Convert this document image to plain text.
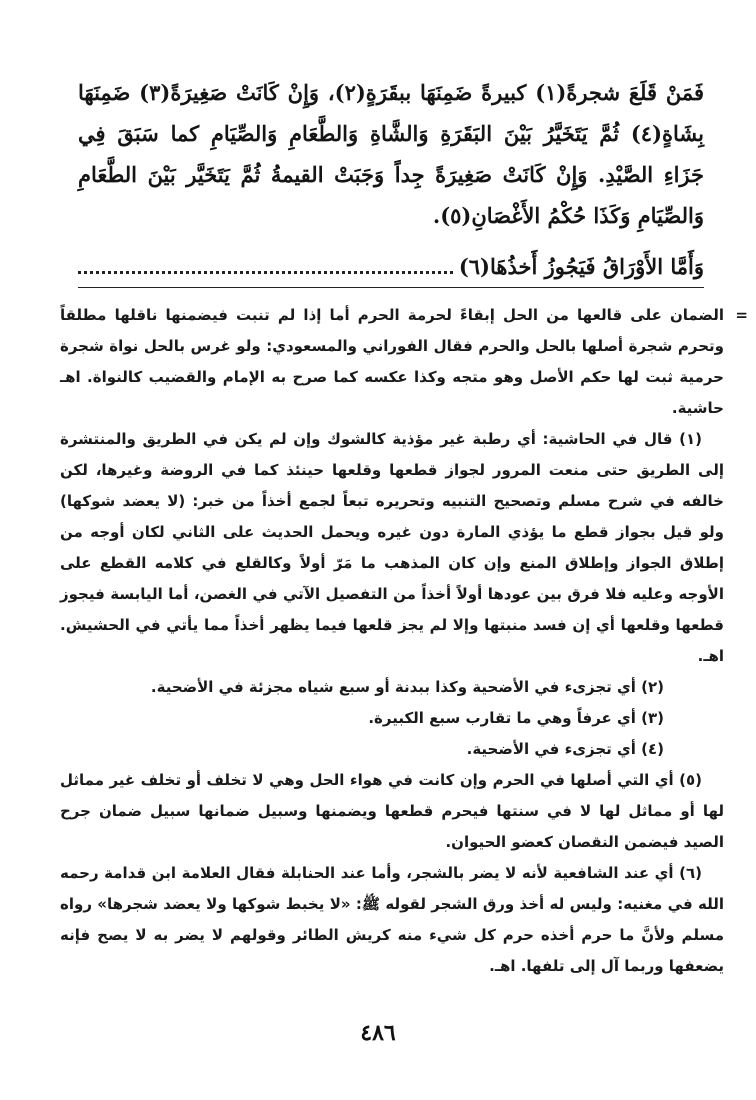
فَمَنْ قَلَعَ شجرةً(١) كبيرةً ضَمِنَهَا ببقَرَةٍ(٢)، وَإِنْ كَانَتْ صَغِيرَةً(٣) ضَمِنَهَا بِشَاةٍ(٤) ثُمَّ يَتَخَيَّرُ بَيْنَ البَقَرَةِ وَالشَّاةِ وَالطَّعَامِ وَالصِّيَامِ كما سَبَقَ فِي جَزَاءِ الصَّيْدِ. وَإِنْ كَانَتْ صَغِيرَةً جِداً وَجَبَتْ القيمةُ ثُمَّ يَتَخَيَّر بَيْنَ الطَّعَامِ وَالصِّيَامِ وَكَذَا حُكْمُ الأَغْصَانِ(٥).

وَأَمَّا الأَوْرَاقُ فَيَجُوزُ أَخذُهَا(٦)

=
الضمان على قالعها من الحل إبقاءً لحرمة الحرم أما إذا لم تنبت فيضمنها ناقلها مطلقاً وتحرم شجرة أصلها بالحل والحرم فقال الفوراني والمسعودي: ولو غرس بالحل نواة شجرة حرمية ثبت لها حكم الأصل وهو متجه وكذا عكسه كما صرح به الإمام والقضيب كالنواة. اهـ حاشية.

(١) قال في الحاشية: أي رطبة غير مؤذية كالشوك وإن لم يكن في الطريق والمنتشرة إلى الطريق حتى منعت المرور لجواز قطعها وقلعها حينئذ كما في الروضة وغيرها، لكن خالفه في شرح مسلم وتصحيح التنبيه وتحريره تبعاً لجمع أخذاً من خبر: (لا يعضد شوكها) ولو قيل بجواز قطع ما يؤذي المارة دون غيره ويحمل الحديث على الثاني لكان أوجه من إطلاق الجواز وإطلاق المنع وإن كان المذهب ما مَرّ أولاً وكالقلع في كلامه القطع على الأوجه وعليه فلا فرق بين عودها أولاً أخذاً من التفصيل الآتي في الغصن، أما اليابسة فيجوز قطعها وقلعها أي إن فسد منبتها وإلا لم يجز قلعها فيما يظهر أخذاً مما يأتي في الحشيش. اهـ.

(٢) أي تجزىء في الأضحية وكذا ببدنة أو سبع شياه مجزئة في الأضحية.

(٣) أي عرفاً وهي ما تقارب سبع الكبيرة.

(٤) أي تجزىء في الأضحية.

(٥) أي التي أصلها في الحرم وإن كانت في هواء الحل وهي لا تخلف أو تخلف غير مماثل لها أو مماثل لها لا في سنتها فيحرم قطعها ويضمنها وسبيل ضمانها سبيل ضمان جرح الصيد فيضمن النقصان كعضو الحيوان.

(٦) أي عند الشافعية لأنه لا يضر بالشجر، وأما عند الحنابلة فقال العلامة ابن قدامة رحمه الله في مغنيه: وليس له أخذ ورق الشجر لقوله ﷺ: «لا يخبط شوكها ولا يعضد شجرها» رواه مسلم ولأنَّ ما حرم أخذه حرم كل شيء منه كريش الطائر وقولهم لا يضر به لا يصح فإنه يضعفها وربما آل إلى تلفها. اهـ.

٤٨٦
